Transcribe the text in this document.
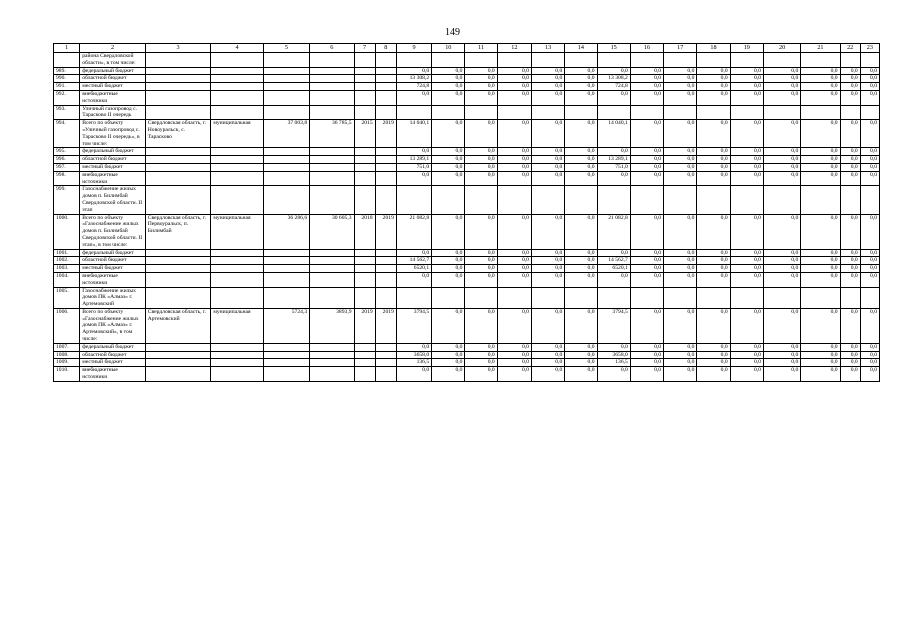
149
1	2	3	4	5	6	7	8	9	10	11	12	13	14	15	16	17	18	19	20	21	22	23
	района Свердловской области», в том числе:																					
989.	федеральный бюджет							0,0	0,0	0,0	0,0	0,0	0,0	0,0	0,0	0,0	0,0	0,0	0,0	0,0	0,0	0,0
990.	областной бюджет							13 308,2	0,0	0,0	0,0	0,0	0,0	13 308,2	0,0	0,0	0,0	0,0	0,0	0,0	0,0	0,0
991.	местный бюджет							724,8	0,0	0,0	0,0	0,0	0,0	724,8	0,0	0,0	0,0	0,0	0,0	0,0	0,0	0,0
992.	внебюджетные источники							0,0	0,0	0,0	0,0	0,0	0,0	0,0	0,0	0,0	0,0	0,0	0,0	0,0	0,0	0,0
993.	Уличный газопровод с. Тарасково II очередь																					
994.	Всего по объекту «Уличный газопровод с. Тарасково II очередь», в том числе:	Свердловская область, г. Новоуральск, с. Тарасково	муниципальная	37 003,8	36 785,5	2015	2019	14 040,1	0,0	0,0	0,0	0,0	0,0	14 040,1	0,0	0,0	0,0	0,0	0,0	0,0	0,0	0,0
995.	федеральный бюджет							0,0	0,0	0,0	0,0	0,0	0,0	0,0	0,0	0,0	0,0	0,0	0,0	0,0	0,0	0,0
996.	областной бюджет							13 289,1	0,0	0,0	0,0	0,0	0,0	13 289,1	0,0	0,0	0,0	0,0	0,0	0,0	0,0	0,0
997.	местный бюджет							751,0	0,0	0,0	0,0	0,0	0,0	751,0	0,0	0,0	0,0	0,0	0,0	0,0	0,0	0,0
998.	внебюджетные источники							0,0	0,0	0,0	0,0	0,0	0,0	0,0	0,0	0,0	0,0	0,0	0,0	0,0	0,0	0,0
999.	Газоснабжение жилых домов п. Билимбай Свердловской области. II этап																					
1000.	Всего по объекту «Газоснабжение жилых домов п. Билимбай Свердловской области. II этап», в том числе:	Свердловская область, г. Первоуральск, п. Билимбай	муниципальная	36 286,6	30 605,3	2018	2019	21 082,8	0,0	0,0	0,0	0,0	0,0	21 082,8	0,0	0,0	0,0	0,0	0,0	0,0	0,0	0,0
1001.	федеральный бюджет							0,0	0,0	0,0	0,0	0,0	0,0	0,0	0,0	0,0	0,0	0,0	0,0	0,0	0,0	0,0
1002.	областной бюджет							14 562,7	0,0	0,0	0,0	0,0	0,0	14 562,7	0,0	0,0	0,0	0,0	0,0	0,0	0,0	0,0
1003.	местный бюджет							6520,1	0,0	0,0	0,0	0,0	0,0	6520,1	0,0	0,0	0,0	0,0	0,0	0,0	0,0	0,0
1004.	внебюджетные источники							0,0	0,0	0,0	0,0	0,0	0,0	0,0	0,0	0,0	0,0	0,0	0,0	0,0	0,0	0,0
1005.	Газоснабжение жилых домов ПК «Алмаз» г. Артемовский																					
1006.	Всего по объекту «Газоснабжение жилых домов ПК «Алмаз» г. Артемовский», в том числе:	Свердловская область, г. Артемовский	муниципальная	5724,3	3893,9	2019	2019	3794,5	0,0	0,0	0,0	0,0	0,0	3794,5	0,0	0,0	0,0	0,0	0,0	0,0	0,0	0,0
1007.	федеральный бюджет							0,0	0,0	0,0	0,0	0,0	0,0	0,0	0,0	0,0	0,0	0,0	0,0	0,0	0,0	0,0
1008.	областной бюджет							3658,0	0,0	0,0	0,0	0,0	0,0	3658,0	0,0	0,0	0,0	0,0	0,0	0,0	0,0	0,0
1009.	местный бюджет							136,5	0,0	0,0	0,0	0,0	0,0	136,5	0,0	0,0	0,0	0,0	0,0	0,0	0,0	0,0
1010.	внебюджетные источники							0,0	0,0	0,0	0,0	0,0	0,0	0,0	0,0	0,0	0,0	0,0	0,0	0,0	0,0	0,0
